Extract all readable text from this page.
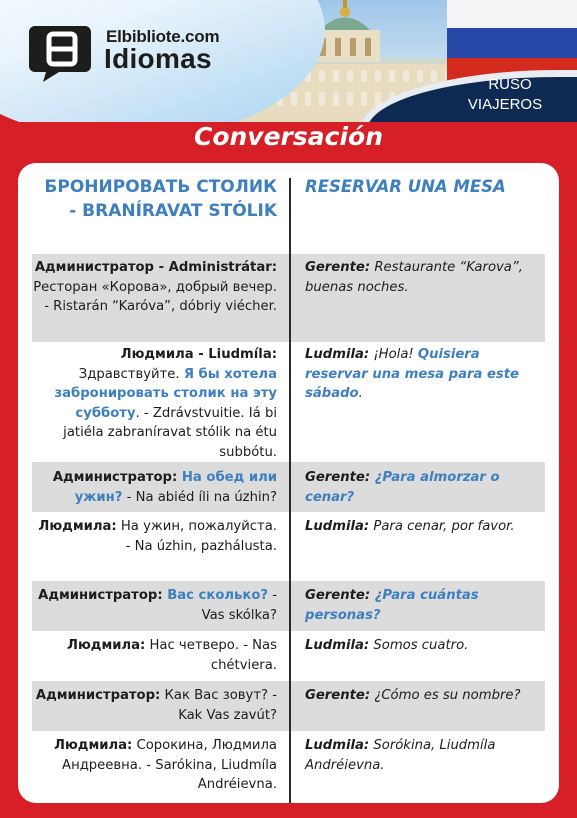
Elbibliote.com
Idiomas
RUSO
VIAJEROS
Conversación
БРОНИРОВАТЬ СТОЛИК - BRANÍRAVAT STÓLIK
RESERVAR UNA MESA
Администратор - Administrátar: Ресторан «Корова», добрый вечер. - Ristarán “Karóva”, dóbriy viécher.
Gerente: Restaurante “Karova”, buenas noches.
Людмила - Liudmíla: Здравствуйте. Я бы хотела забронировать столик на эту субботу. - Zdrávstvuitie. Iá bi jatiéla zabraníravat stólik na étu subbótu.
Ludmila: ¡Hola! Quisiera reservar una mesa para este sábado.
Администратор: На обед или ужин? - Na abiéd íli na úzhin?
Gerente: ¿Para almorzar o cenar?
Людмила: На ужин, пожалуйста. - Na úzhin, pazhálusta.
Ludmila: Para cenar, por favor.
Администратор: Вас сколько? - Vas skólka?
Gerente: ¿Para cuántas personas?
Людмила: Нас четверо. - Nas chétviera.
Ludmila: Somos cuatro.
Администратор: Как Вас зовут? - Kak Vas zavút?
Gerente: ¿Cómo es su nombre?
Людмила: Сорокина, Людмила Андреевна. - Sarókina, Liudmíla Andréievna.
Ludmila: Sorókina, Liudmíla Andréievna.
